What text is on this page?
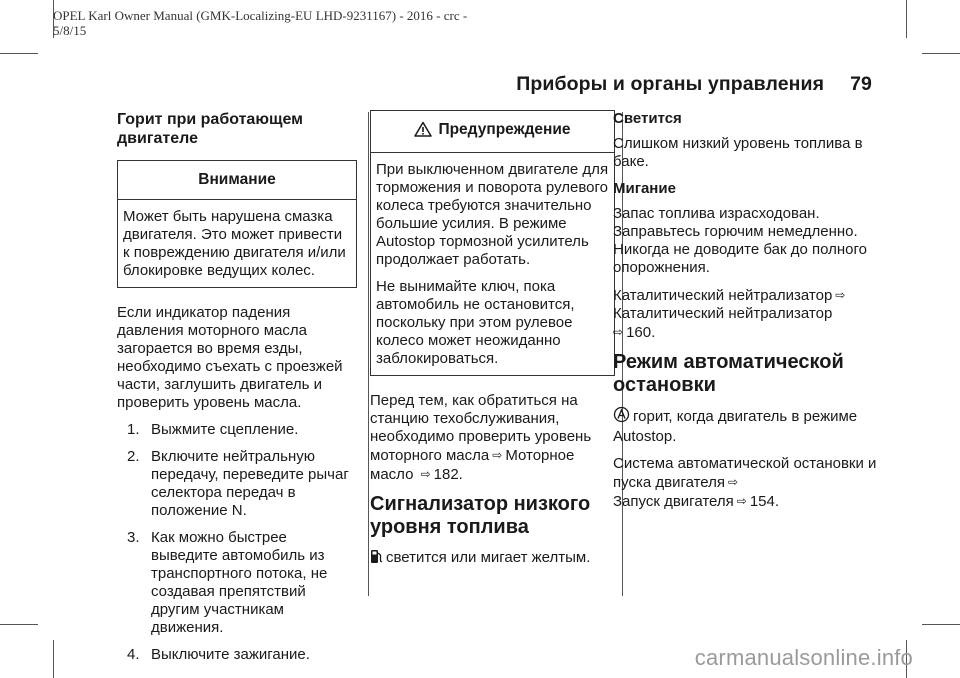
OPEL Karl Owner Manual (GMK-Localizing-EU LHD-9231167) - 2016 - crc -
5/8/15
Приборы и органы управления 79
Горит при работающем двигателе
Внимание

Может быть нарушена смазка двигателя. Это может привести к повреждению двигателя и/или блокировке ведущих колес.

Если индикатор падения давления моторного масла загорается во время езды, необходимо съехать с проезжей части, заглушить двигатель и проверить уровень масла.

1. Выжмите сцепление.
2. Включите нейтральную передачу, переведите рычаг селектора передач в положение N.
3. Как можно быстрее выведите автомобиль из транспортного потока, не создавая препятствий другим участникам движения.
4. Выключите зажигание.
Предупреждение

При выключенном двигателе для торможения и поворота рулевого колеса требуются значительно большие усилия. В режиме Autostop тормозной усилитель продолжает работать.

Не вынимайте ключ, пока автомобиль не остановится, поскольку при этом рулевое колесо может неожиданно заблокироваться.

Перед тем, как обратиться на станцию техобслуживания, необходимо проверить уровень моторного масла ⇨ Моторное масло ⇨ 182.

Сигнализатор низкого уровня топлива

светится или мигает желтым.

Светится

Слишком низкий уровень топлива в баке.

Мигание

Запас топлива израсходован. Заправьтесь горючим немедленно. Никогда не доводите бак до полного опорожнения.

Каталитический нейтрализатор ⇨
Каталитический нейтрализатор
⇨ 160.

Режим автоматической остановки

горит, когда двигатель в режиме Autostop.

Система автоматической остановки и пуска двигателя ⇨
Запуск двигателя ⇨ 154.

carmanualsonline.info
